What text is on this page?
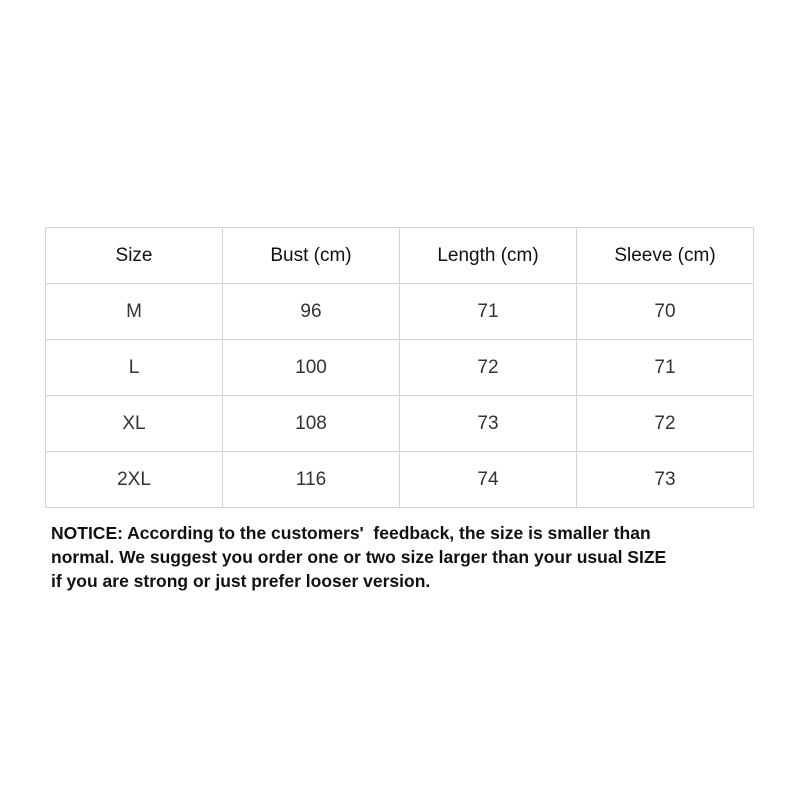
Size	Bust (cm)	Length (cm)	Sleeve (cm)
M	96	71	70
L	100	72	71
XL	108	73	72
2XL	116	74	73

NOTICE: According to the customers'  feedback, the size is smaller than
normal. We suggest you order one or two size larger than your usual SIZE
if you are strong or just prefer looser version.
